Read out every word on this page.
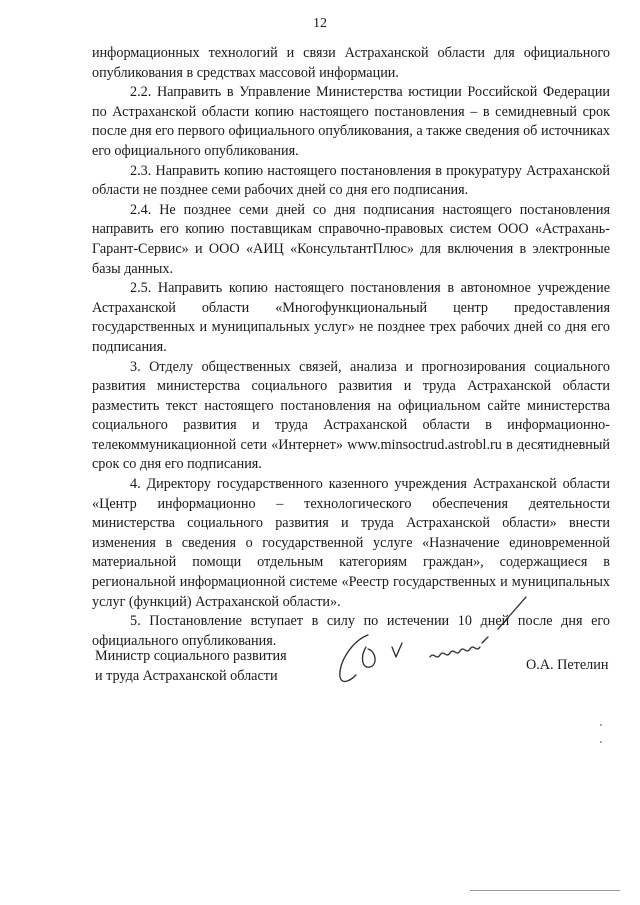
12

информационных технологий и связи Астраханской области для официального опубликования в средствах массовой информации.

2.2. Направить в Управление Министерства юстиции Российской Федерации по Астраханской области копию настоящего постановления – в семидневный срок после дня его первого официального опубликования, а также сведения об источниках его официального опубликования.

2.3. Направить копию настоящего постановления в прокуратуру Астраханской области не позднее семи рабочих дней со дня его подписания.

2.4. Не позднее семи дней со дня подписания настоящего постановления направить его копию поставщикам справочно-правовых систем ООО «Астрахань-Гарант-Сервис» и ООО «АИЦ «КонсультантПлюс» для включения в электронные базы данных.

2.5. Направить копию настоящего постановления в автономное учреждение Астраханской области «Многофункциональный центр предоставления государственных и муниципальных услуг» не позднее трех рабочих дней со дня его подписания.

3. Отделу общественных связей, анализа и прогнозирования социального развития министерства социального развития и труда Астраханской области разместить текст настоящего постановления на официальном сайте министерства социального развития и труда Астраханской области в информационно-телекоммуникационной сети «Интернет» www.minsoctrud.astrobl.ru в десятидневный срок со дня его подписания.

4. Директору государственного казенного учреждения Астраханской области «Центр информационно – технологического обеспечения деятельности министерства социального развития и труда Астраханской области» внести изменения в сведения о государственной услуге «Назначение единовременной материальной помощи отдельным категориям граждан», содержащиеся в региональной информационной системе «Реестр государственных и муниципальных услуг (функций) Астраханской области».

5. Постановление вступает в силу по истечении 10 дней после дня его официального опубликования.

Министр социального развития
и труда Астраханской области
О.А. Петелин
